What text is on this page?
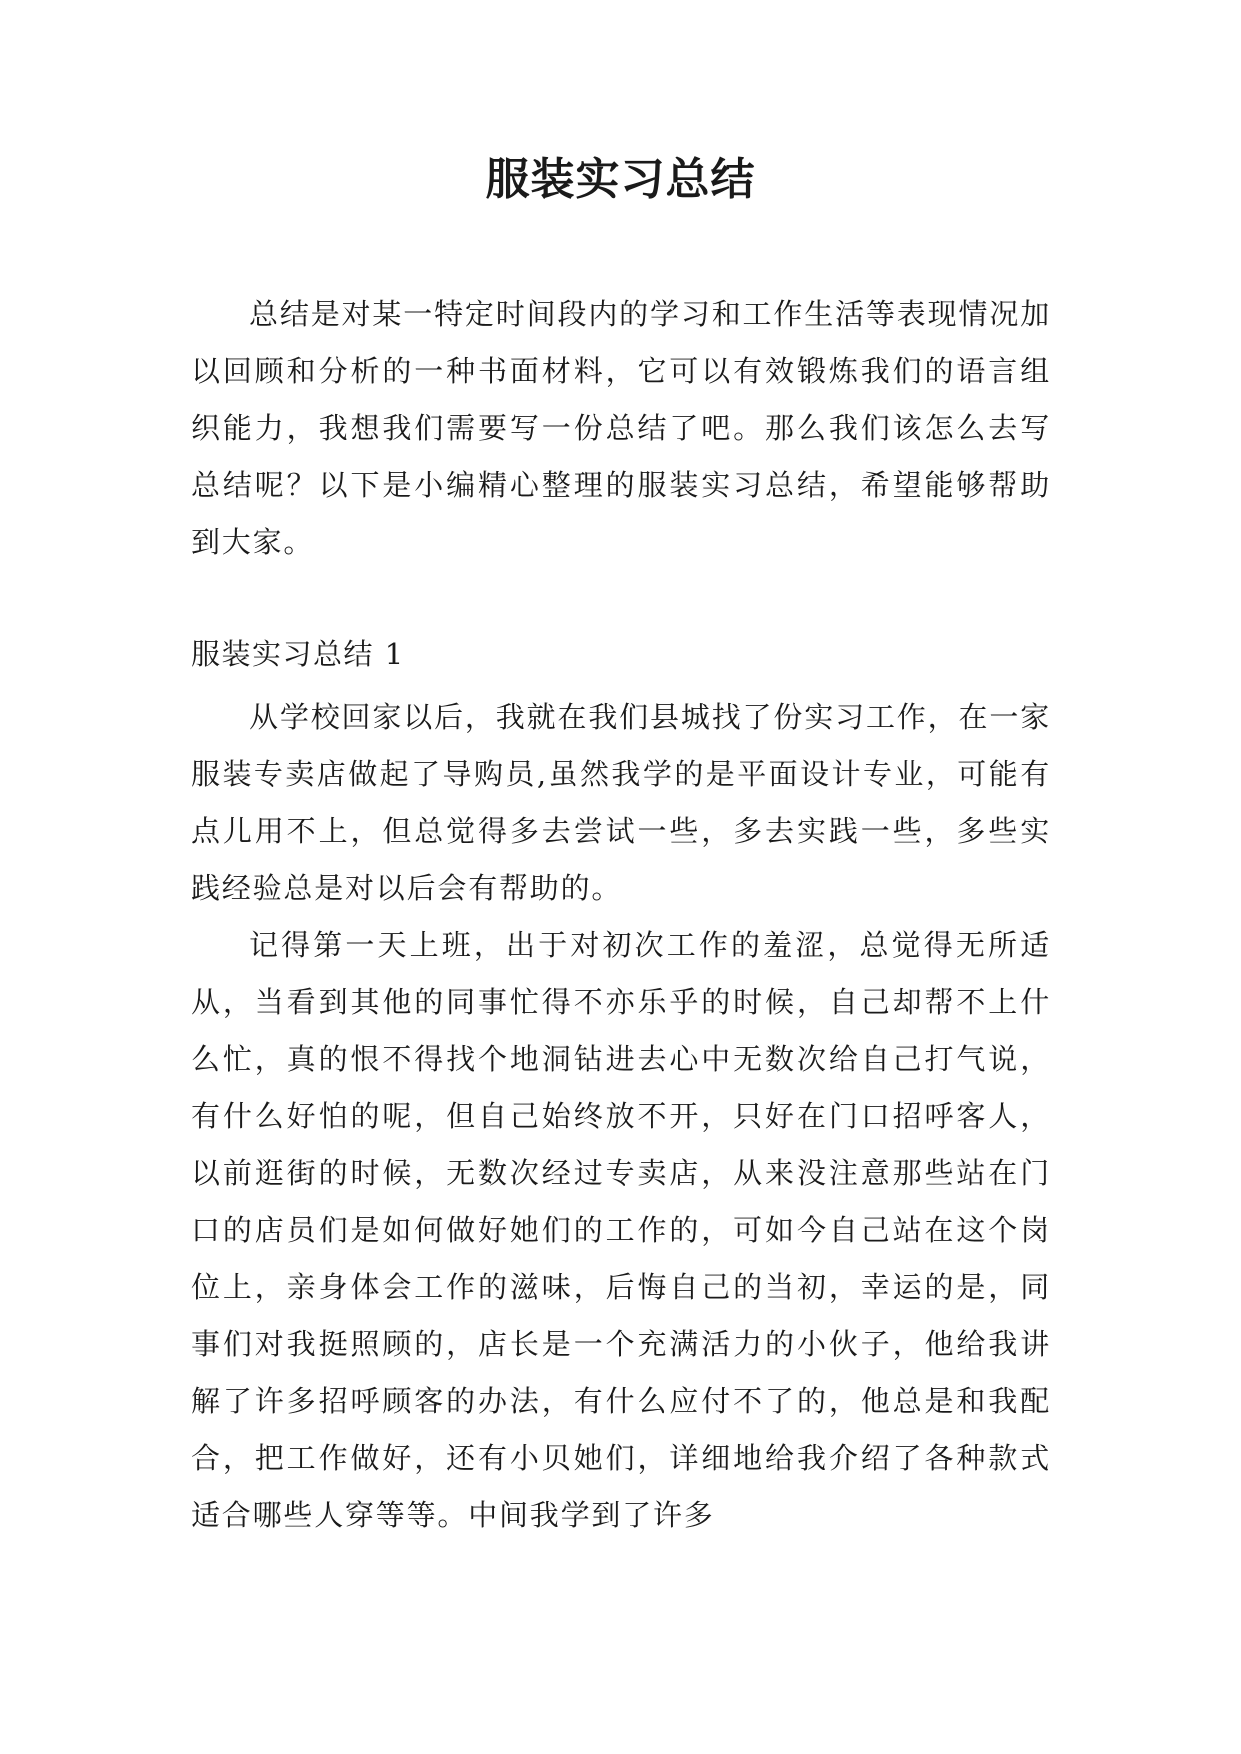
服装实习总结

总结是对某一特定时间段内的学习和工作生活等表现情况加以回顾和分析的一种书面材料，它可以有效锻炼我们的语言组织能力，我想我们需要写一份总结了吧。那么我们该怎么去写总结呢？以下是小编精心整理的服装实习总结，希望能够帮助到大家。

服装实习总结 1

从学校回家以后，我就在我们县城找了份实习工作，在一家服装专卖店做起了导购员,虽然我学的是平面设计专业，可能有点儿用不上，但总觉得多去尝试一些，多去实践一些，多些实践经验总是对以后会有帮助的。

记得第一天上班，出于对初次工作的羞涩，总觉得无所适从，当看到其他的同事忙得不亦乐乎的时候，自己却帮不上什么忙，真的恨不得找个地洞钻进去心中无数次给自己打气说，有什么好怕的呢，但自己始终放不开，只好在门口招呼客人，以前逛街的时候，无数次经过专卖店，从来没注意那些站在门口的店员们是如何做好她们的工作的，可如今自己站在这个岗位上，亲身体会工作的滋味，后悔自己的当初，幸运的是，同事们对我挺照顾的，店长是一个充满活力的小伙子，他给我讲解了许多招呼顾客的办法，有什么应付不了的，他总是和我配合，把工作做好，还有小贝她们，详细地给我介绍了各种款式适合哪些人穿等等。中间我学到了许多
